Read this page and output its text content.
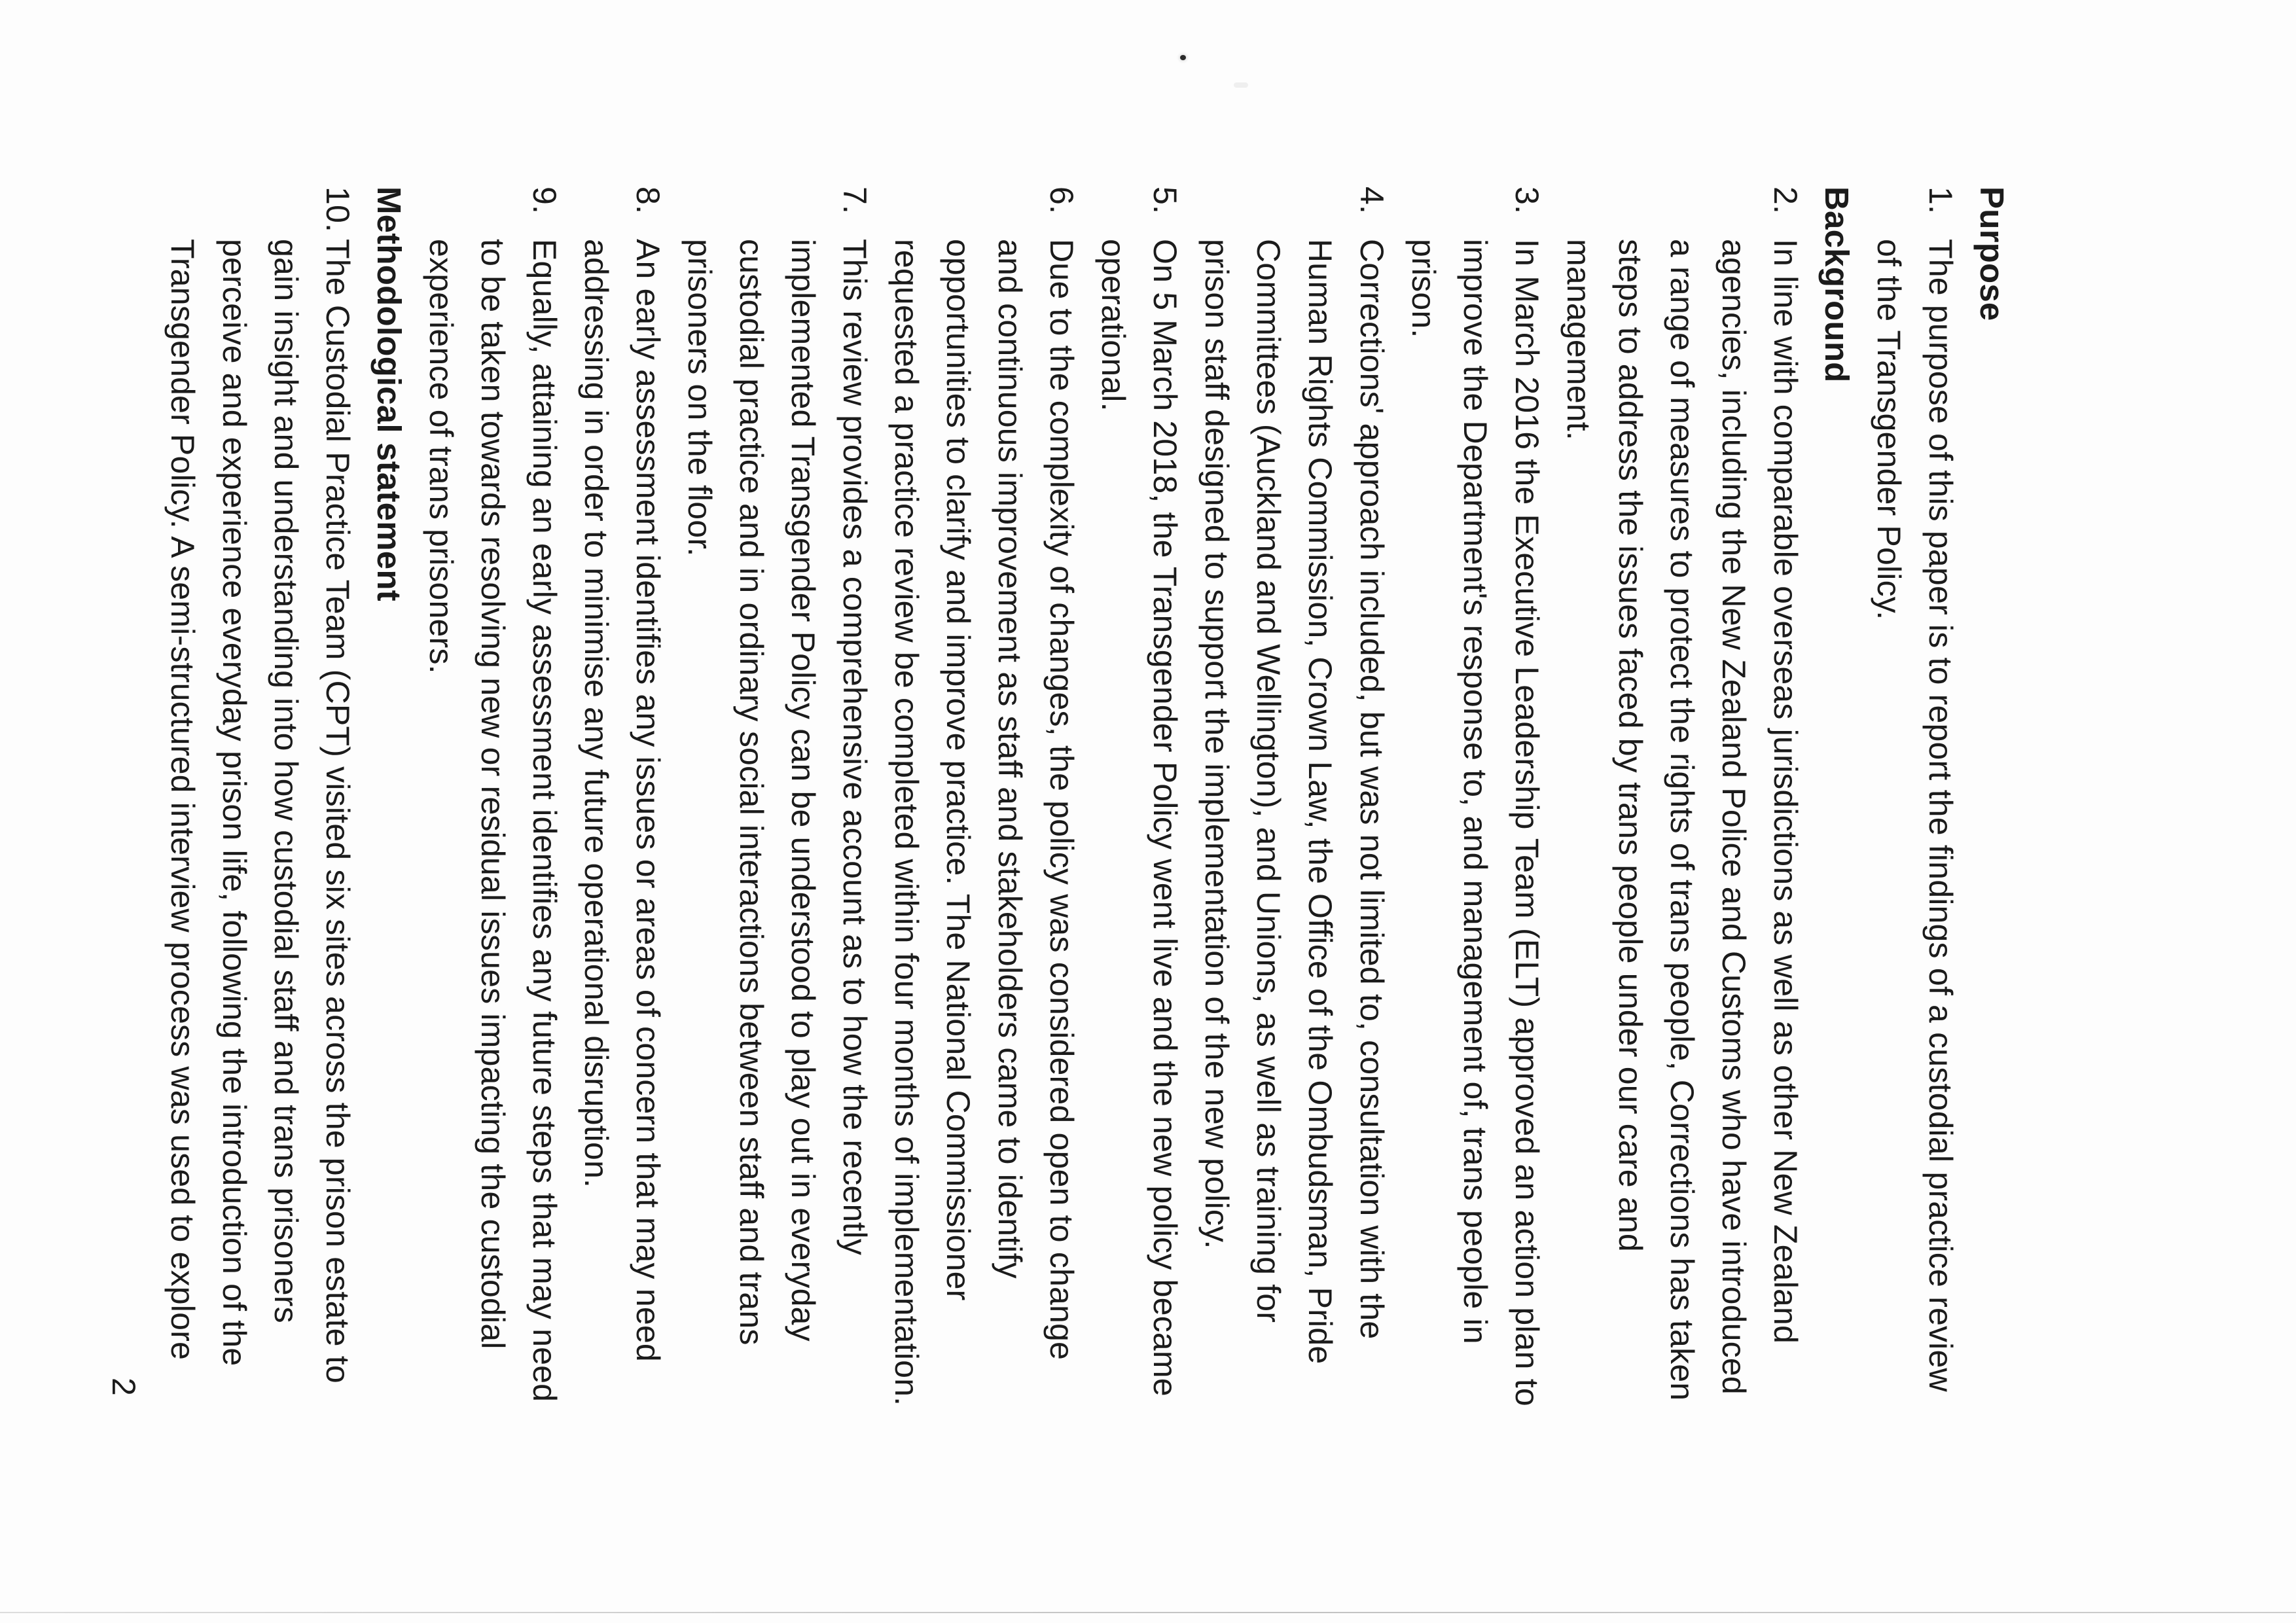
Purpose
1.
The purpose of this paper is to report the findings of a custodial practice review
of the Transgender Policy.
Background
2.
In line with comparable overseas jurisdictions as well as other New Zealand
agencies, including the New Zealand Police and Customs who have introduced
a range of measures to protect the rights of trans people, Corrections has taken
steps to address the issues faced by trans people under our care and
management.
3.
In March 2016 the Executive Leadership Team (ELT) approved an action plan to
improve the Department's response to, and management of, trans people in
prison.
4.
Corrections' approach included, but was not limited to, consultation with the
Human Rights Commission, Crown Law, the Office of the Ombudsman, Pride
Committees (Auckland and Wellington), and Unions, as well as training for
prison staff designed to support the implementation of the new policy.
5.
On 5 March 2018, the Transgender Policy went live and the new policy became
operational.
6.
Due to the complexity of changes, the policy was considered open to change
and continuous improvement as staff and stakeholders came to identify
opportunities to clarify and improve practice. The National Commissioner
requested a practice review be completed within four months of implementation.
7.
This review provides a comprehensive account as to how the recently
implemented Transgender Policy can be understood to play out in everyday
custodial practice and in ordinary social interactions between staff and trans
prisoners on the floor.
8.
An early assessment identifies any issues or areas of concern that may need
addressing in order to minimise any future operational disruption.
9.
Equally, attaining an early assessment identifies any future steps that may need
to be taken towards resolving new or residual issues impacting the custodial
experience of trans prisoners.
Methodological statement
10.
The Custodial Practice Team (CPT) visited six sites across the prison estate to
gain insight and understanding into how custodial staff and trans prisoners
perceive and experience everyday prison life, following the introduction of the
Transgender Policy. A semi-structured interview process was used to explore
2
